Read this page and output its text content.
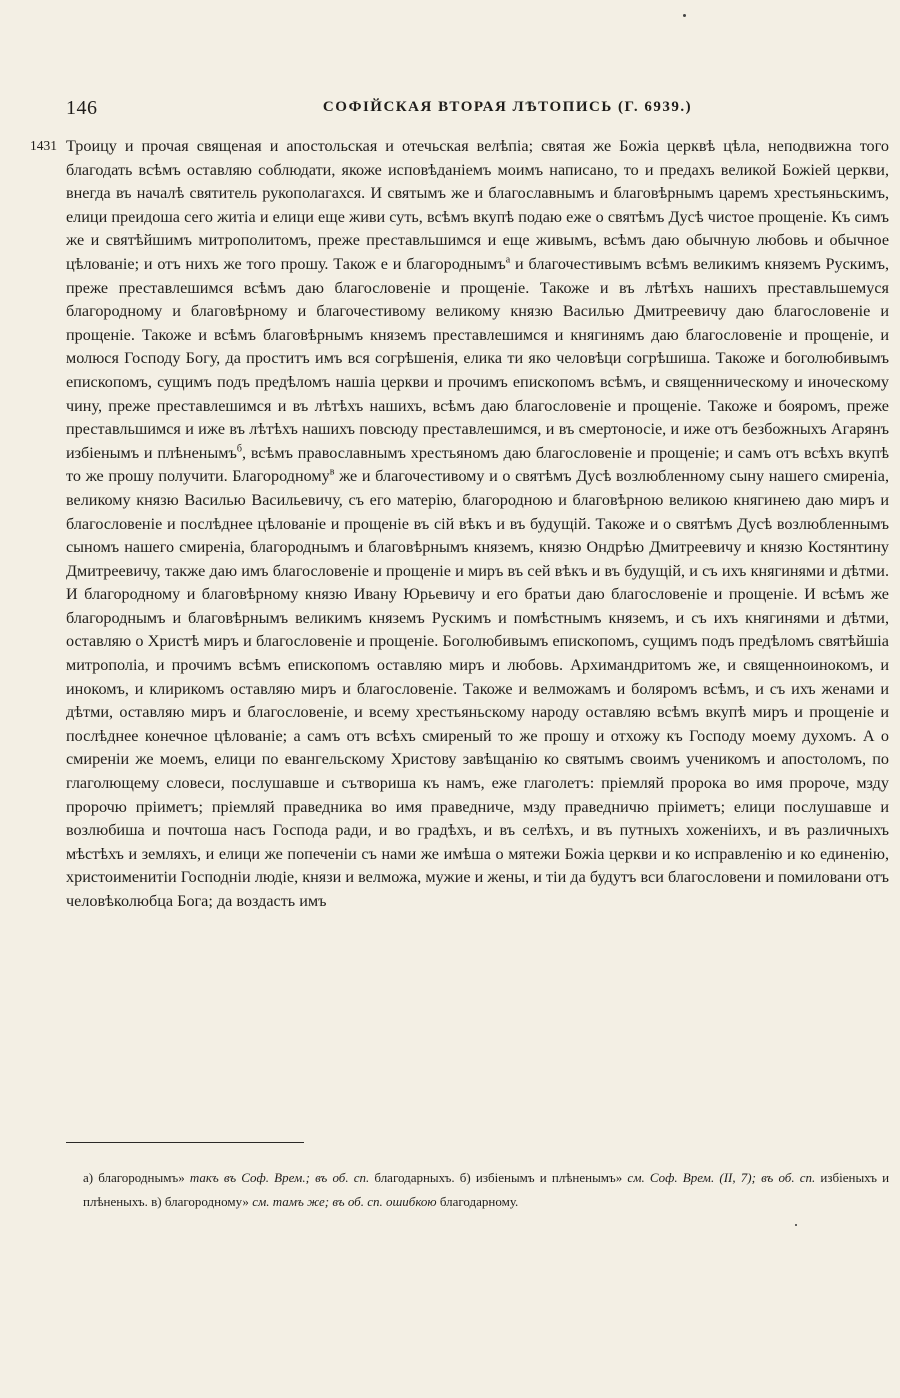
146	СОФІЙСКАЯ ВТОРАЯ ЛѢТОПИСЬ (Г. 6939.)
1431 Троицу и прочая священая и апостольская и отечьская велѣпiа; святая же Божiа церквѣ цѣла, неподвижна того благодать всѣмъ оставляю соблюдати, якоже исповѣданiемъ моимъ написано, то и предахъ великой Божiей церкви, внегда въ началѣ святитель рукополагахся. И святымъ же и благославнымъ и благовѣрнымъ царемъ хрестьяньскимъ, елици преидоша сего житiа и елици еще живи суть, всѣмъ вкупѣ подаю еже о святѣмъ Дусѣ чистое прощенiе. Къ симъ же и святѣйшимъ митрополитомъ, преже преставльшимся и еще живымъ, всѣмъ даю обычную любовь и обычное цѣлованiе; и отъ нихъ же того прошу. Також е и благороднымъ$^а$ и благочестивымъ всѣмъ великимъ княземъ Рускимъ, преже преставлешимся всѣмъ даю благословенiе и прощенiе. Такоже и въ лѣтѣхъ нашихъ преставльшемуся благородному и благовѣрному и благочестивому великому князю Василью Дмитреевичу даю благословенiе и прощенiе. Такоже и всѣмъ благовѣрнымъ княземъ преставлешимся и княгинямъ даю благословенiе и прощенiе, и молюся Господу Богу, да проститъ имъ вся согрѣшенiя, елика ти яко человѣци согрѣшиша. Такоже и боголюбивымъ епископомъ, сущимъ подъ предѣломъ нашiа церкви и прочимъ епископомъ всѣмъ, и священническому и иноческому чину, преже преставлешимся и въ лѣтѣхъ нашихъ, всѣмъ даю благословенiе и прощенiе. Такоже и бояромъ, преже преставльшимся и иже въ лѣтѣхъ нашихъ повсюду преставлешимся, и въ смертоносiе, и иже отъ безбожныхъ Агарянъ избiенымъ и плѣненымъ$^б$, всѣмъ православнымъ хрестьяномъ даю благословенiе и прощенiе; и самъ отъ всѣхъ вкупѣ то же прошу получити. Благородному$^в$ же и благочестивому и о святѣмъ Дусѣ возлюбленному сыну нашего смиренiа, великому князю Василью Васильевичу, съ его матерiю, благородною и благовѣрною великою княгинею даю миръ и благословенiе и послѣднее цѣлованiе и прощенiе въ сiй вѣкъ и въ будущiй. Такоже и о святѣмъ Дусѣ возлюбленнымъ сыномъ нашего смиренiа, благороднымъ и благовѣрнымъ княземъ, князю Ондрѣю Дмитреевичу и князю Костянтину Дмитреевичу, также даю имъ благословенiе и прощенiе и миръ въ сей вѣкъ и въ будущiй, и съ ихъ княгинями и дѣтми. И благородному и благовѣрному князю Ивану Юрьевичу и его братьи даю благословенiе и прощенiе. И всѣмъ же благороднымъ и благовѣрнымъ великимъ княземъ Рускимъ и помѣстнымъ княземъ, и съ ихъ княгинями и дѣтми, оставляю о Христѣ миръ и благословенiе и прощенiе. Боголюбивымъ епископомъ, сущимъ подъ предѣломъ святѣйшiа митрополiа, и прочимъ всѣмъ епископомъ оставляю миръ и любовь. Архимандритомъ же, и священноинокомъ, и инокомъ, и клирикомъ оставляю миръ и благословенiе. Такоже и велможамъ и боляромъ всѣмъ, и съ ихъ женами и дѣтми, оставляю миръ и благословенiе, и всему хрестьяньскому народу оставляю всѣмъ вкупѣ миръ и прощенiе и послѣднее конечное цѣлованiе; а самъ отъ всѣхъ смиреный то же прошу и отхожу къ Господу моему духомъ. А о смиренiи же моемъ, елици по евангельскому Христову завѣщанiю ко святымъ своимъ ученикомъ и апостоломъ, по глаголющему словеси, послушавше и сътвориша къ намъ, еже глаголетъ: прiемляй пророка во имя пророче, мзду пророчю прiиметъ; прiемляй праведника во имя праведниче, мзду праведничю прiиметъ; елици послушавше и возлюбиша и почтоша насъ Господа ради, и во градѣхъ, и въ селѣхъ, и въ путныхъ хоженiихъ, и въ различныхъ мѣстѣхъ и земляхъ, и елици же попеченiи съ нами же имѣша о мятежи Божiа церкви и ко исправленiю и ко единенiю, христоименитiи Господнiи людiе, князи и велможа, мужие и жены, и тiи да будутъ вси благословени и помиловани отъ человѣколюбца Бога; да воздасть имъ

а) благороднымъ» такъ въ Соф. Врем.; въ об. сп. благодарныхъ. б) избiенымъ и плѣненымъ» см. Соф. Врем. (II, 7); въ об. сп. избiеныхъ и плѣненыхъ. в) благородному» см. тамъ же; въ об. сп. ошибкою благодарному.
